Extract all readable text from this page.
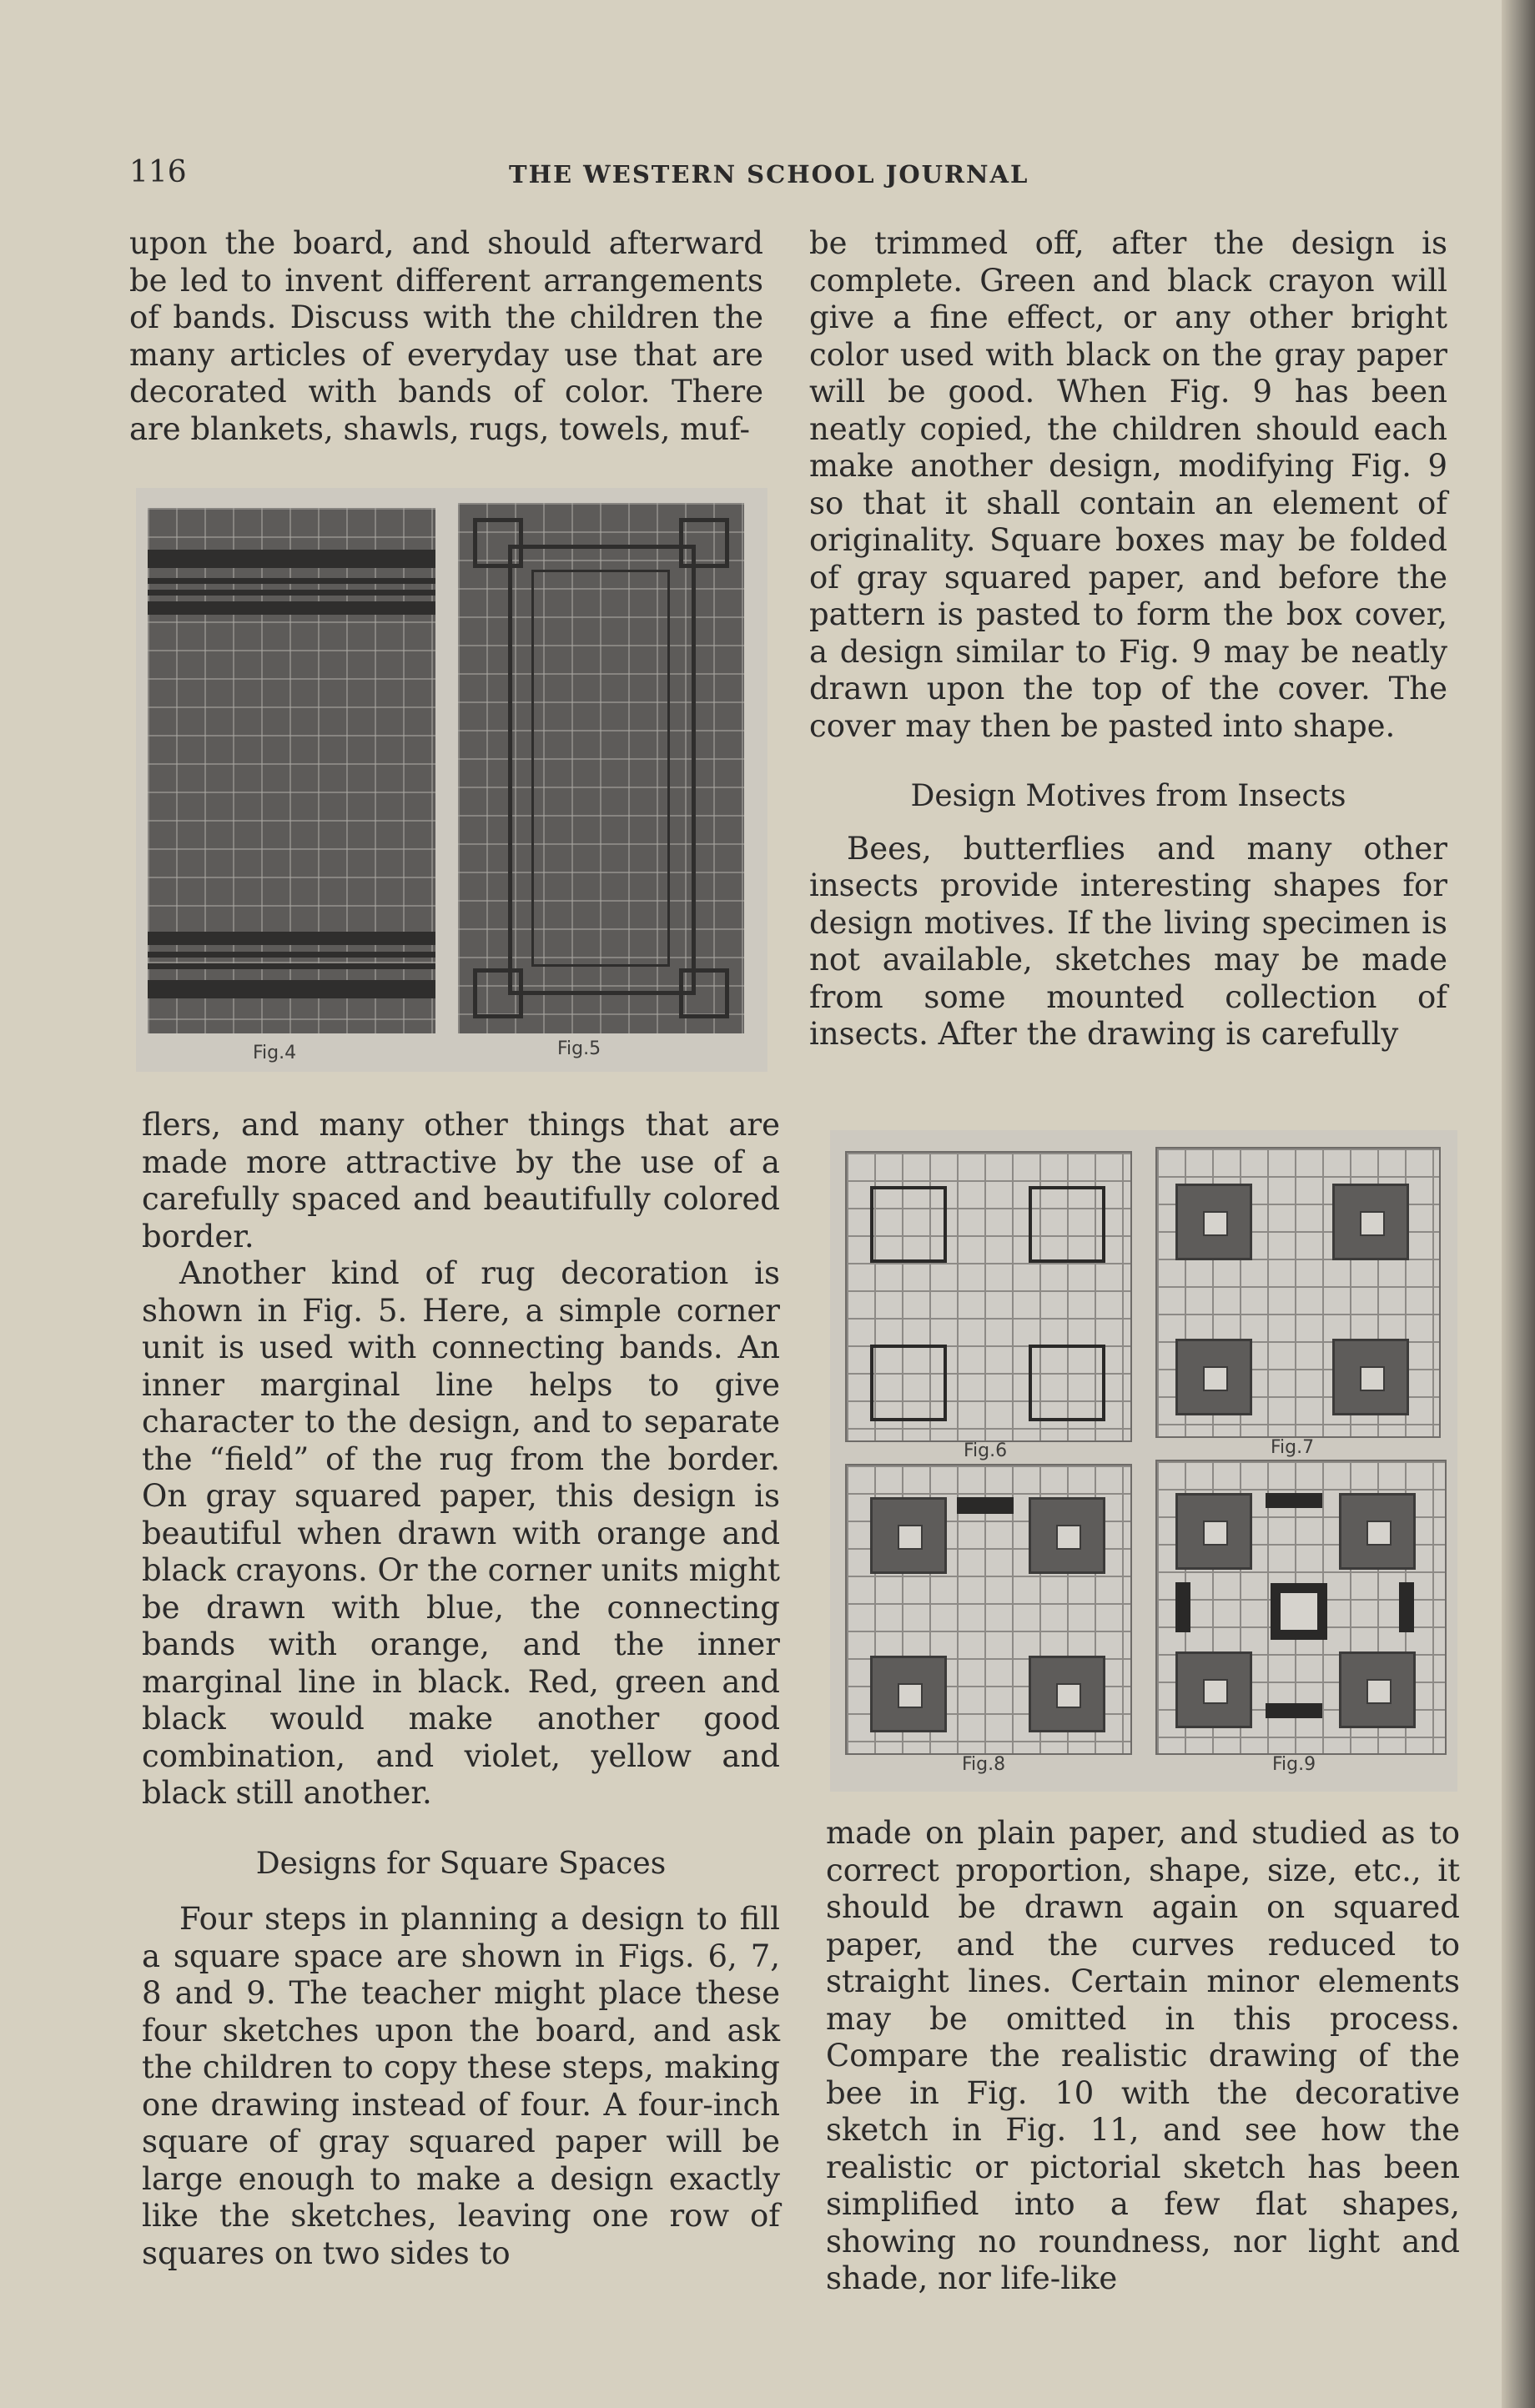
116	THE WESTERN SCHOOL JOURNAL

upon the board, and should afterward be led to invent different arrangements of bands. Discuss with the children the many articles of everyday use that are decorated with bands of color. There are blankets, shawls, rugs, towels, muf-

Fig.4	Fig.5

flers, and many other things that are made more attractive by the use of a carefully spaced and beautifully colored border.

Another kind of rug decoration is shown in Fig. 5. Here, a simple corner unit is used with connecting bands. An inner marginal line helps to give character to the design, and to separate the “field” of the rug from the border. On gray squared paper, this design is beautiful when drawn with orange and black crayons. Or the corner units might be drawn with blue, the connecting bands with orange, and the inner marginal line in black. Red, green and black would make another good combination, and violet, yellow and black still another.

Designs for Square Spaces

Four steps in planning a design to fill a square space are shown in Figs. 6, 7, 8 and 9. The teacher might place these four sketches upon the board, and ask the children to copy these steps, making one drawing instead of four. A four-inch square of gray squared paper will be large enough to make a design exactly like the sketches, leaving one row of squares on two sides to

be trimmed off, after the design is complete. Green and black crayon will give a fine effect, or any other bright color used with black on the gray paper will be good. When Fig. 9 has been neatly copied, the children should each make another design, modifying Fig. 9 so that it shall contain an element of originality. Square boxes may be folded of gray squared paper, and before the pattern is pasted to form the box cover, a design similar to Fig. 9 may be neatly drawn upon the top of the cover. The cover may then be pasted into shape.

Design Motives from Insects

Bees, butterflies and many other insects provide interesting shapes for design motives. If the living specimen is not available, sketches may be made from some mounted collection of insects. After the drawing is carefully

Fig.6	Fig.7
Fig.8	Fig.9

made on plain paper, and studied as to correct proportion, shape, size, etc., it should be drawn again on squared paper, and the curves reduced to straight lines. Certain minor elements may be omitted in this process. Compare the realistic drawing of the bee in Fig. 10 with the decorative sketch in Fig. 11, and see how the realistic or pictorial sketch has been simplified into a few flat shapes, showing no roundness, nor light and shade, nor life-like
